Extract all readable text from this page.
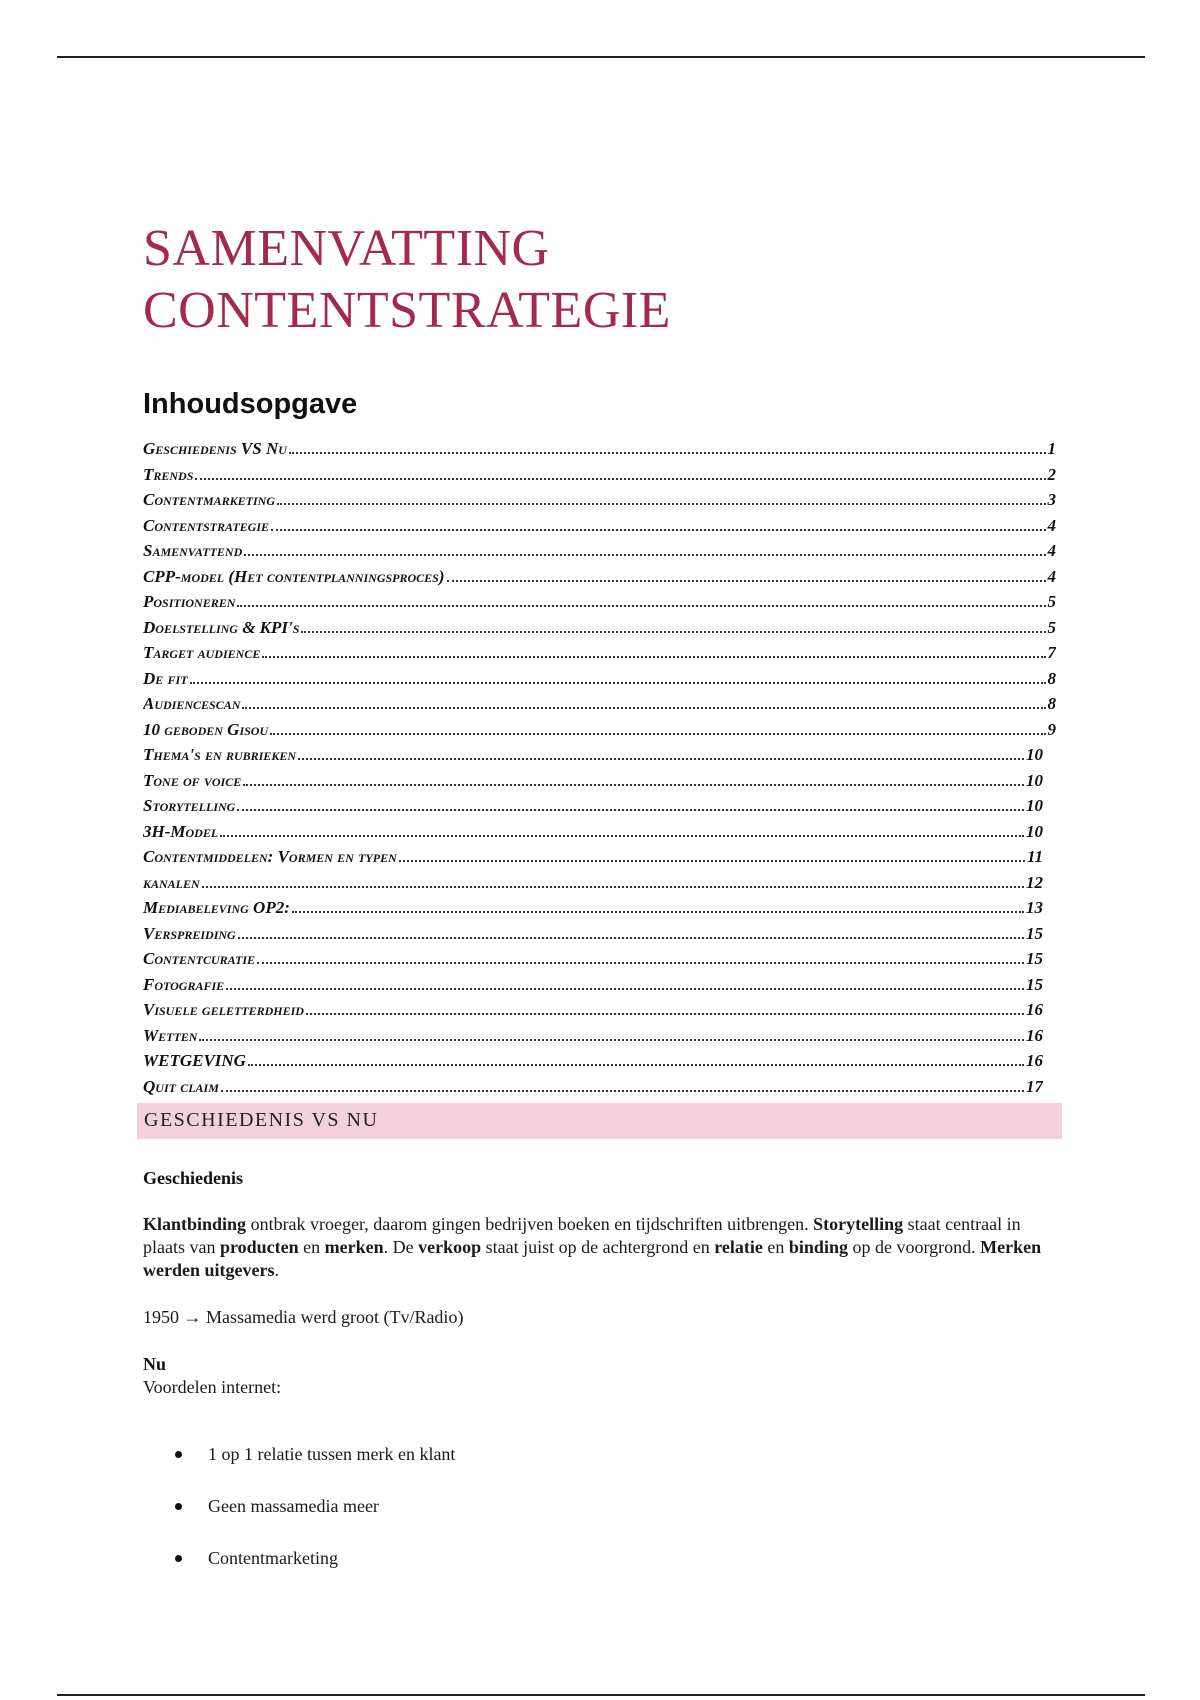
SAMENVATTING
CONTENTSTRATEGIE
Inhoudsopgave
Geschiedenis VS Nu	1
Trends	2
Contentmarketing	3
Contentstrategie	4
Samenvattend	4
CPP-model (Het contentplanningsproces)	4
Positioneren	5
Doelstelling & KPI's	5
Target audience	7
De fit	8
Audiencescan	8
10 geboden Gisou	9
Thema's en rubrieken	10
Tone of voice	10
Storytelling	10
3H-Model	10
Contentmiddelen: Vormen en typen	11
kanalen	12
Mediabeleving OP2:	13
Verspreiding	15
Contentcuratie	15
Fotografie	15
Visuele geletterdheid	16
Wetten	16
WETGEVING	16
Quit claim	17
GESCHIEDENIS VS NU
Geschiedenis

Klantbinding ontbrak vroeger, daarom gingen bedrijven boeken en tijdschriften uitbrengen. Storytelling staat centraal in plaats van producten en merken. De verkoop staat juist op de achtergrond en relatie en binding op de voorgrond. Merken werden uitgevers.

1950 → Massamedia werd groot (Tv/Radio)
Nu
Voordelen internet:
1 op 1 relatie tussen merk en klant
Geen massamedia meer
Contentmarketing
